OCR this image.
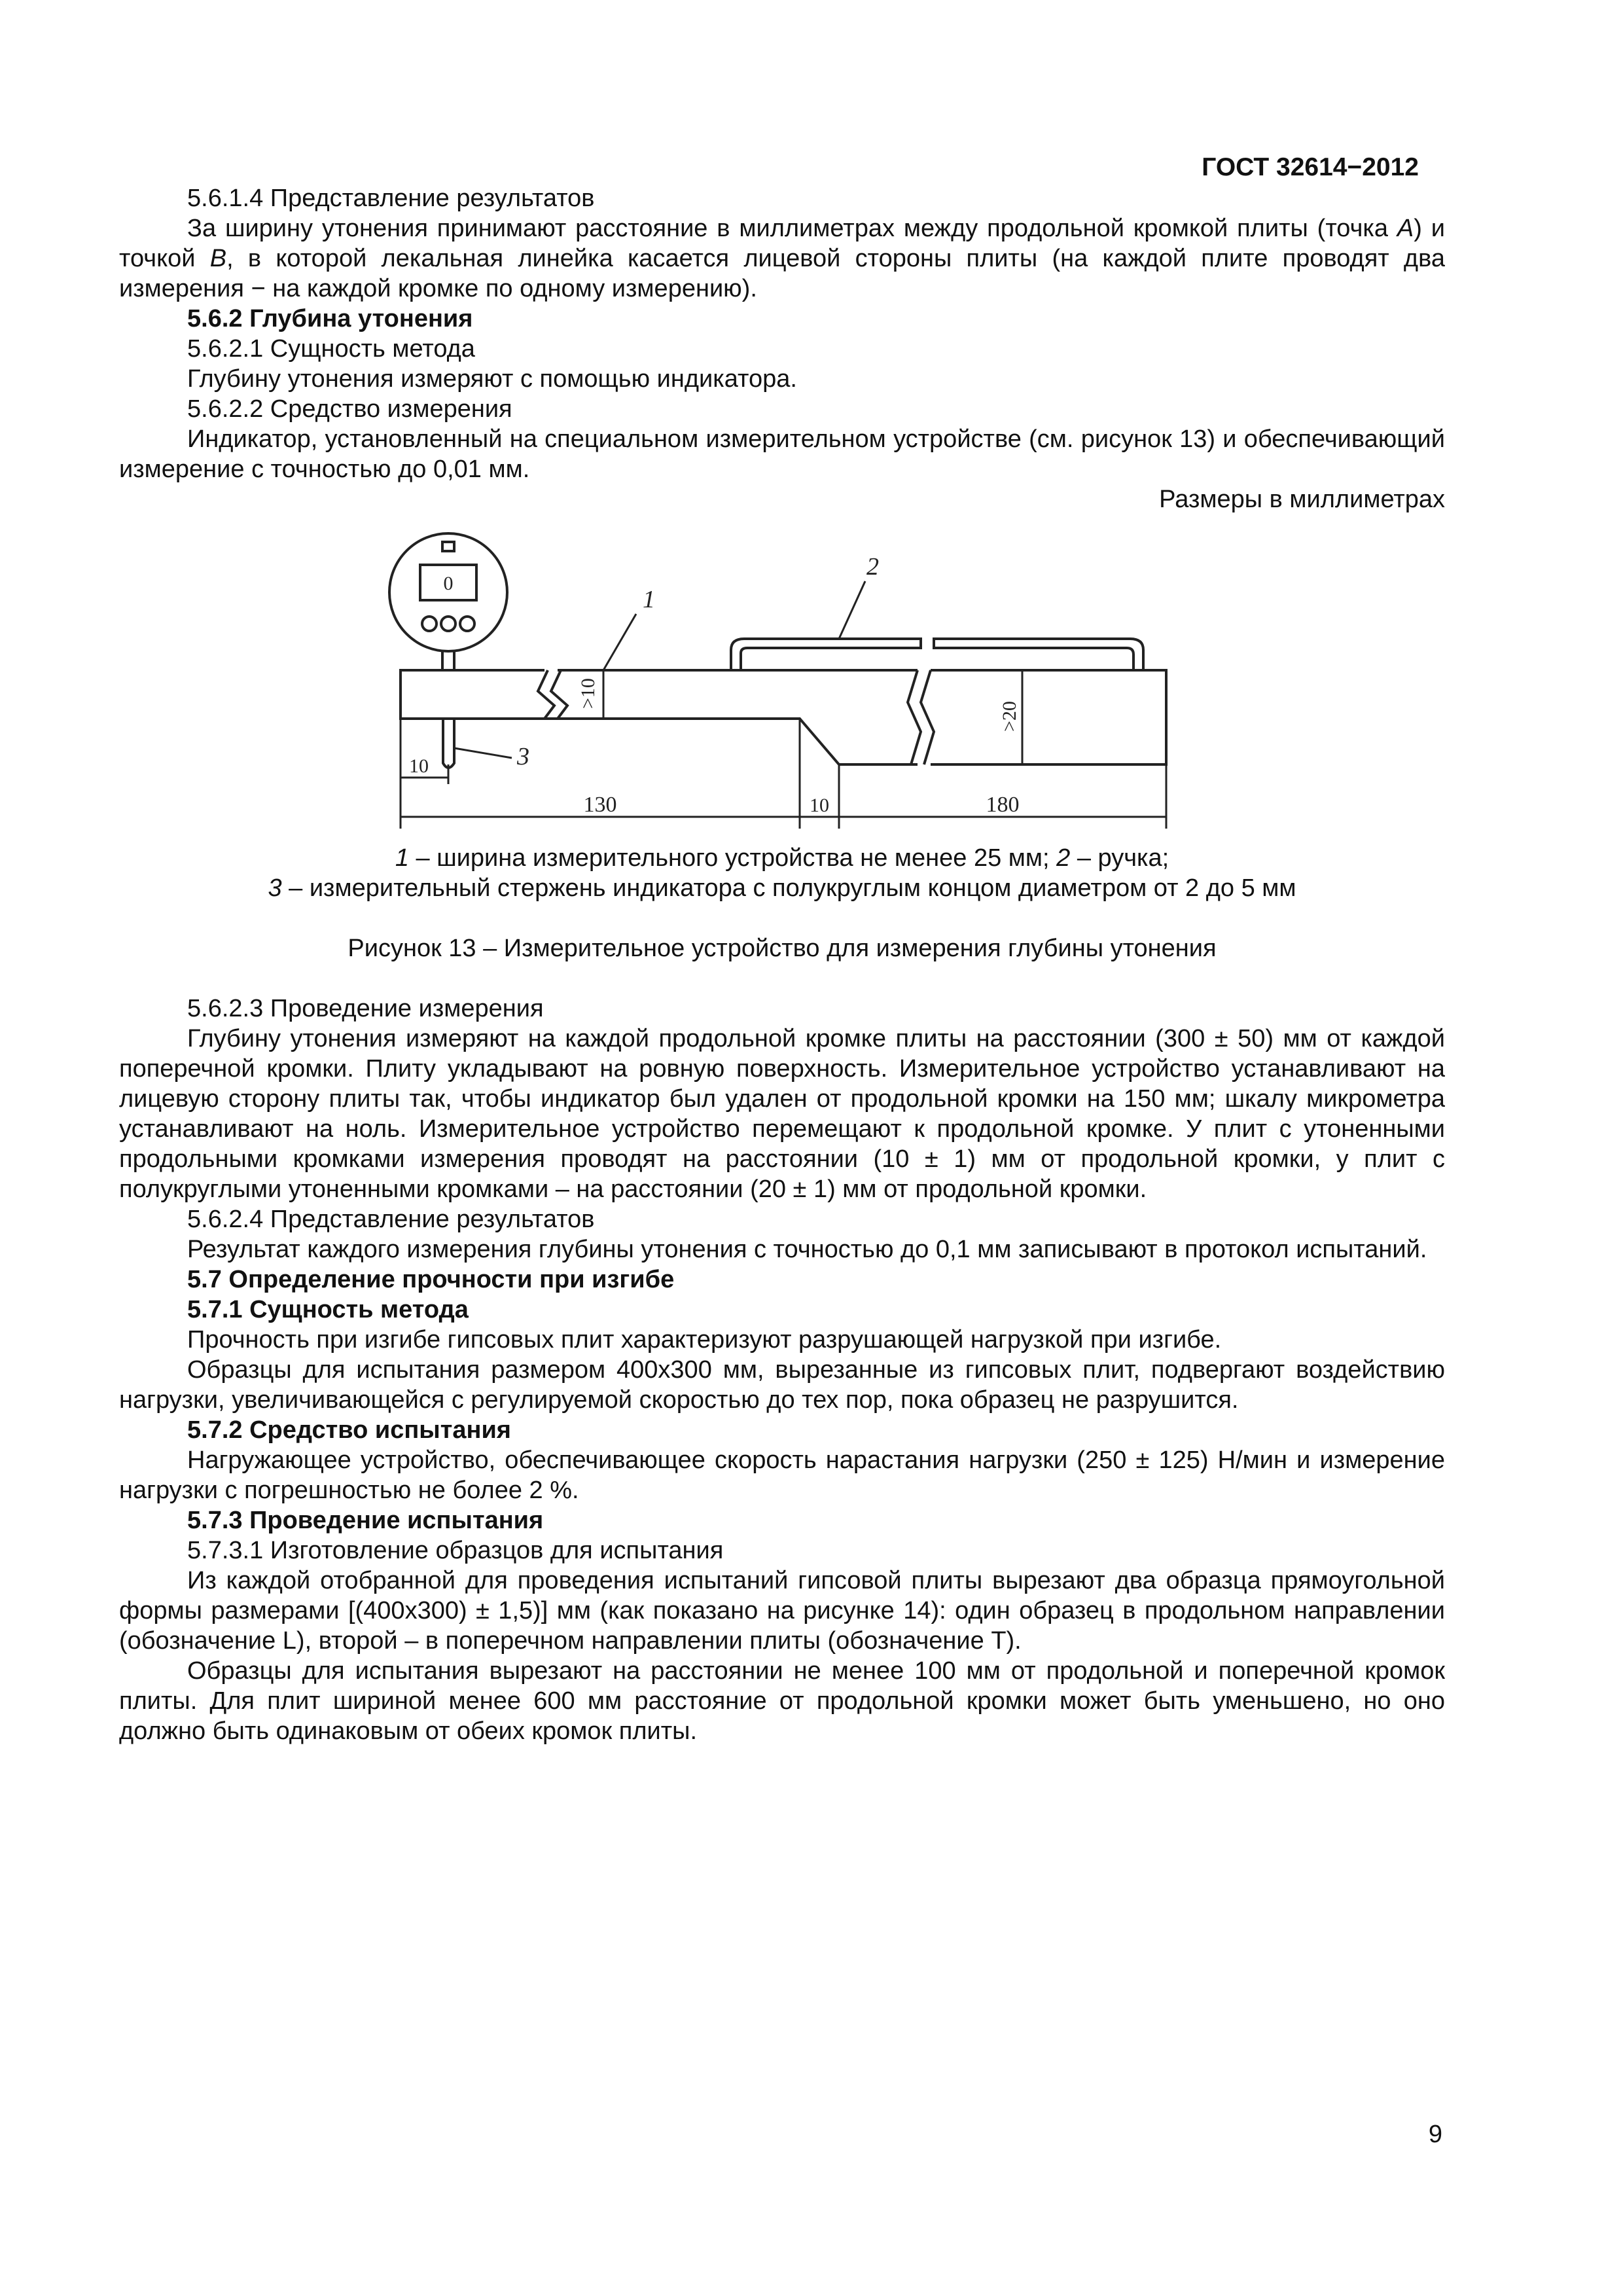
ГОСТ 32614−2012

5.6.1.4 Представление результатов

За ширину утонения принимают расстояние в миллиметрах между продольной кромкой плиты (точка А) и точкой В, в которой лекальная линейка касается лицевой стороны плиты (на каждой плите проводят два измерения − на каждой кромке по одному измерению).

5.6.2 Глубина утонения

5.6.2.1 Сущность метода

Глубину утонения измеряют с помощью индикатора.

5.6.2.2 Средство измерения

Индикатор, установленный на специальном измерительном устройстве (см. рисунок 13) и обеспечивающий измерение с точностью до 0,01 мм.

Размеры в миллиметрах

0
1
2
3
>10
>20
10
130	10	180

1 – ширина измерительного устройства не менее 25 мм; 2 – ручка;

3 – измерительный стержень индикатора с полукруглым концом диаметром от 2 до 5 мм

Рисунок 13 – Измерительное устройство для измерения глубины утонения

5.6.2.3 Проведение измерения

Глубину утонения измеряют на каждой продольной кромке плиты на расстоянии (300 ± 50) мм от каждой поперечной кромки. Плиту укладывают на ровную поверхность. Измерительное устройство устанавливают на лицевую сторону плиты так, чтобы индикатор был удален от продольной кромки на 150 мм; шкалу микрометра устанавливают на ноль. Измерительное устройство перемещают к продольной кромке. У плит с утоненными продольными кромками измерения проводят на расстоянии (10 ± 1) мм от продольной кромки, у плит с полукруглыми утоненными кромками – на расстоянии (20 ± 1) мм от продольной кромки.

5.6.2.4 Представление результатов

Результат каждого измерения глубины утонения с точностью до 0,1 мм записывают в протокол испытаний.

5.7 Определение прочности при изгибе

5.7.1 Сущность метода

Прочность при изгибе гипсовых плит характеризуют разрушающей нагрузкой при изгибе.

Образцы для испытания размером 400х300 мм, вырезанные из гипсовых плит, подвергают воздействию нагрузки, увеличивающейся с регулируемой скоростью до тех пор, пока образец не разрушится.

5.7.2 Средство испытания

Нагружающее устройство, обеспечивающее скорость нарастания нагрузки (250 ± 125) Н/мин и измерение нагрузки с погрешностью не более 2 %.

5.7.3 Проведение испытания

5.7.3.1 Изготовление образцов для испытания

Из каждой отобранной для проведения испытаний гипсовой плиты вырезают два образца прямоугольной формы размерами [(400х300) ± 1,5)] мм (как показано на рисунке 14): один образец в продольном направлении (обозначение L), второй – в поперечном направлении плиты (обозначение Т).

Образцы для испытания вырезают на расстоянии не менее 100 мм от продольной и поперечной кромок плиты. Для плит шириной менее 600 мм расстояние от продольной кромки может быть уменьшено, но оно должно быть одинаковым от обеих кромок плиты.

9
